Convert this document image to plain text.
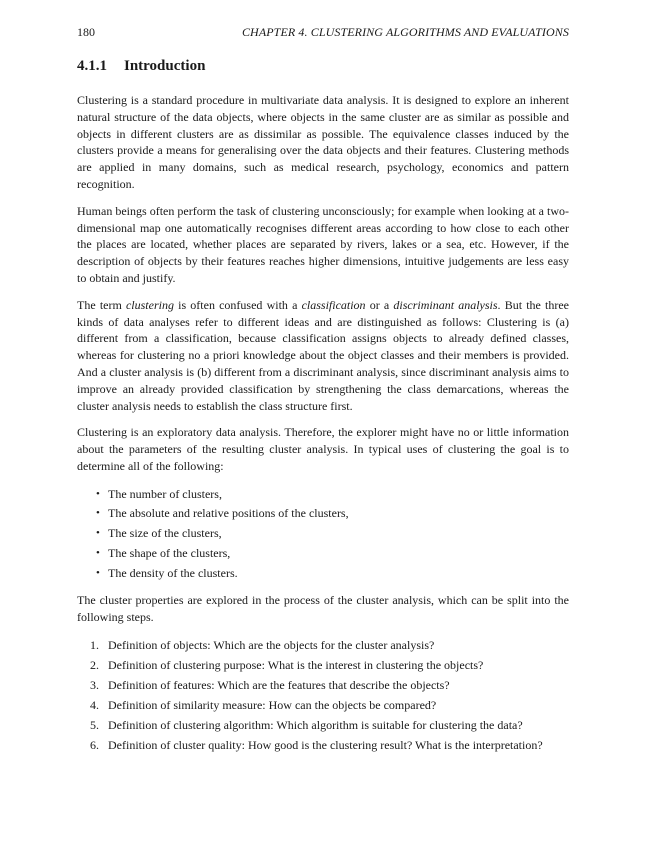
180	CHAPTER 4. CLUSTERING ALGORITHMS AND EVALUATIONS
4.1.1 Introduction

Clustering is a standard procedure in multivariate data analysis. It is designed to explore an inherent natural structure of the data objects, where objects in the same cluster are as similar as possible and objects in different clusters are as dissimilar as possible. The equivalence classes induced by the clusters provide a means for generalising over the data objects and their features. Clustering methods are applied in many domains, such as medical research, psychology, economics and pattern recognition.

Human beings often perform the task of clustering unconsciously; for example when looking at a two-dimensional map one automatically recognises different areas according to how close to each other the places are located, whether places are separated by rivers, lakes or a sea, etc. However, if the description of objects by their features reaches higher dimensions, intuitive judgements are less easy to obtain and justify.

The term clustering is often confused with a classification or a discriminant analysis. But the three kinds of data analyses refer to different ideas and are distinguished as follows: Clustering is (a) different from a classification, because classification assigns objects to already defined classes, whereas for clustering no a priori knowledge about the object classes and their members is provided. And a cluster analysis is (b) different from a discriminant analysis, since discriminant analysis aims to improve an already provided classification by strengthening the class demarcations, whereas the cluster analysis needs to establish the class structure first.

Clustering is an exploratory data analysis. Therefore, the explorer might have no or little information about the parameters of the resulting cluster analysis. In typical uses of clustering the goal is to determine all of the following:

• The number of clusters,
• The absolute and relative positions of the clusters,
• The size of the clusters,
• The shape of the clusters,
• The density of the clusters.

The cluster properties are explored in the process of the cluster analysis, which can be split into the following steps.

1. Definition of objects: Which are the objects for the cluster analysis?
2. Definition of clustering purpose: What is the interest in clustering the objects?
3. Definition of features: Which are the features that describe the objects?
4. Definition of similarity measure: How can the objects be compared?
5. Definition of clustering algorithm: Which algorithm is suitable for clustering the data?
6. Definition of cluster quality: How good is the clustering result? What is the interpretation?
